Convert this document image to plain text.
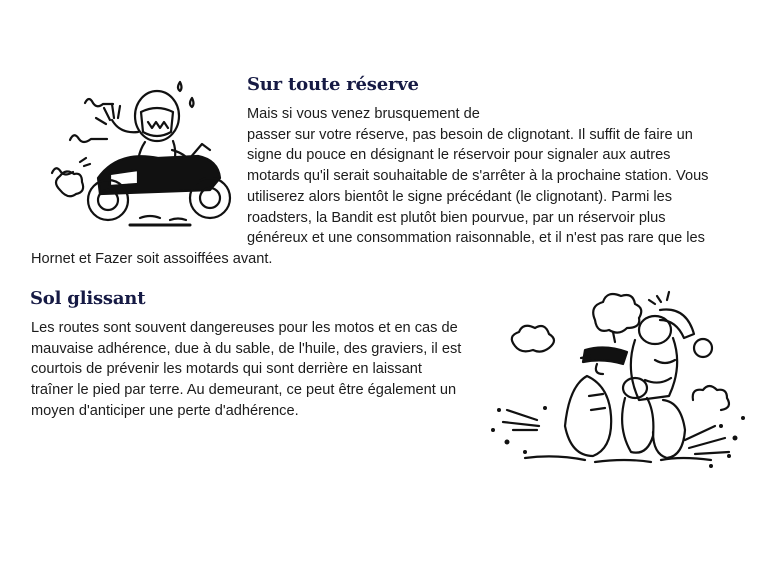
Sur toute réserve
Mais si vous venez brusquement de
passer sur votre réserve, pas besoin de clignotant. Il suffit de faire un
signe du pouce en désignant le réservoir pour signaler aux autres
motards qu'il serait souhaitable de s'arrêter à la prochaine station. Vous
utiliserez alors bientôt le signe précédant (le clignotant). Parmi les
roadsters, la Bandit est plutôt bien pourvue, par un réservoir plus
généreux et une consommation raisonnable, et il n'est pas rare que les
Hornet et Fazer soit assoiffées avant.
Sol glissant
Les routes sont souvent dangereuses pour les motos et en cas de
mauvaise adhérence, due à du sable, de l'huile, des graviers, il est
courtois de prévenir les motards qui sont derrière en laissant
traîner le pied par terre. Au demeurant, ce peut être également un
moyen d'anticiper une perte d'adhérence.
